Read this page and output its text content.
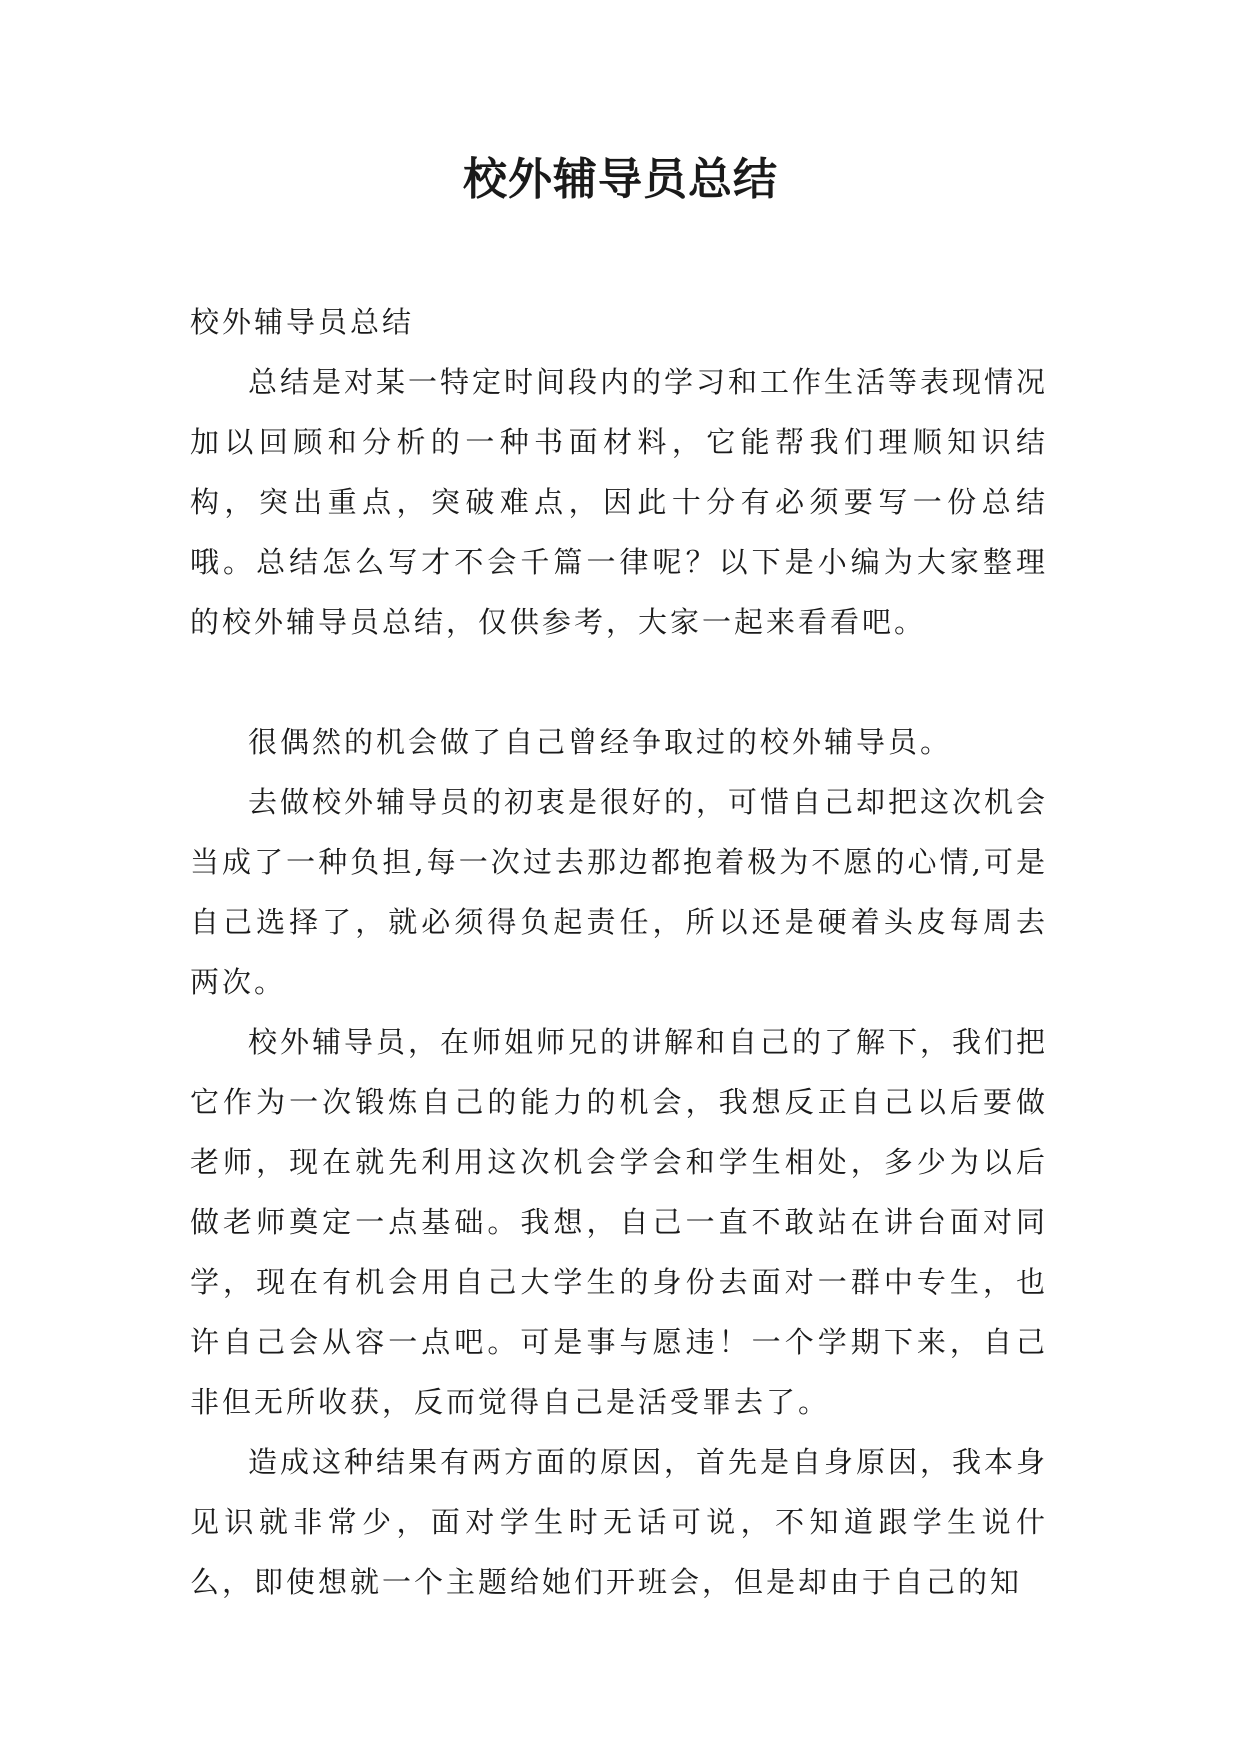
校外辅导员总结

校外辅导员总结

总结是对某一特定时间段内的学习和工作生活等表现情况加以回顾和分析的一种书面材料，它能帮我们理顺知识结构，突出重点，突破难点，因此十分有必须要写一份总结哦。总结怎么写才不会千篇一律呢？以下是小编为大家整理的校外辅导员总结，仅供参考，大家一起来看看吧。

很偶然的机会做了自己曾经争取过的校外辅导员。

去做校外辅导员的初衷是很好的，可惜自己却把这次机会当成了一种负担,每一次过去那边都抱着极为不愿的心情,可是自己选择了，就必须得负起责任，所以还是硬着头皮每周去两次。

校外辅导员，在师姐师兄的讲解和自己的了解下，我们把它作为一次锻炼自己的能力的机会，我想反正自己以后要做老师，现在就先利用这次机会学会和学生相处，多少为以后做老师奠定一点基础。我想，自己一直不敢站在讲台面对同学，现在有机会用自己大学生的身份去面对一群中专生，也许自己会从容一点吧。可是事与愿违！一个学期下来，自己非但无所收获，反而觉得自己是活受罪去了。

造成这种结果有两方面的原因，首先是自身原因，我本身见识就非常少，面对学生时无话可说，不知道跟学生说什么，即使想就一个主题给她们开班会，但是却由于自己的知
